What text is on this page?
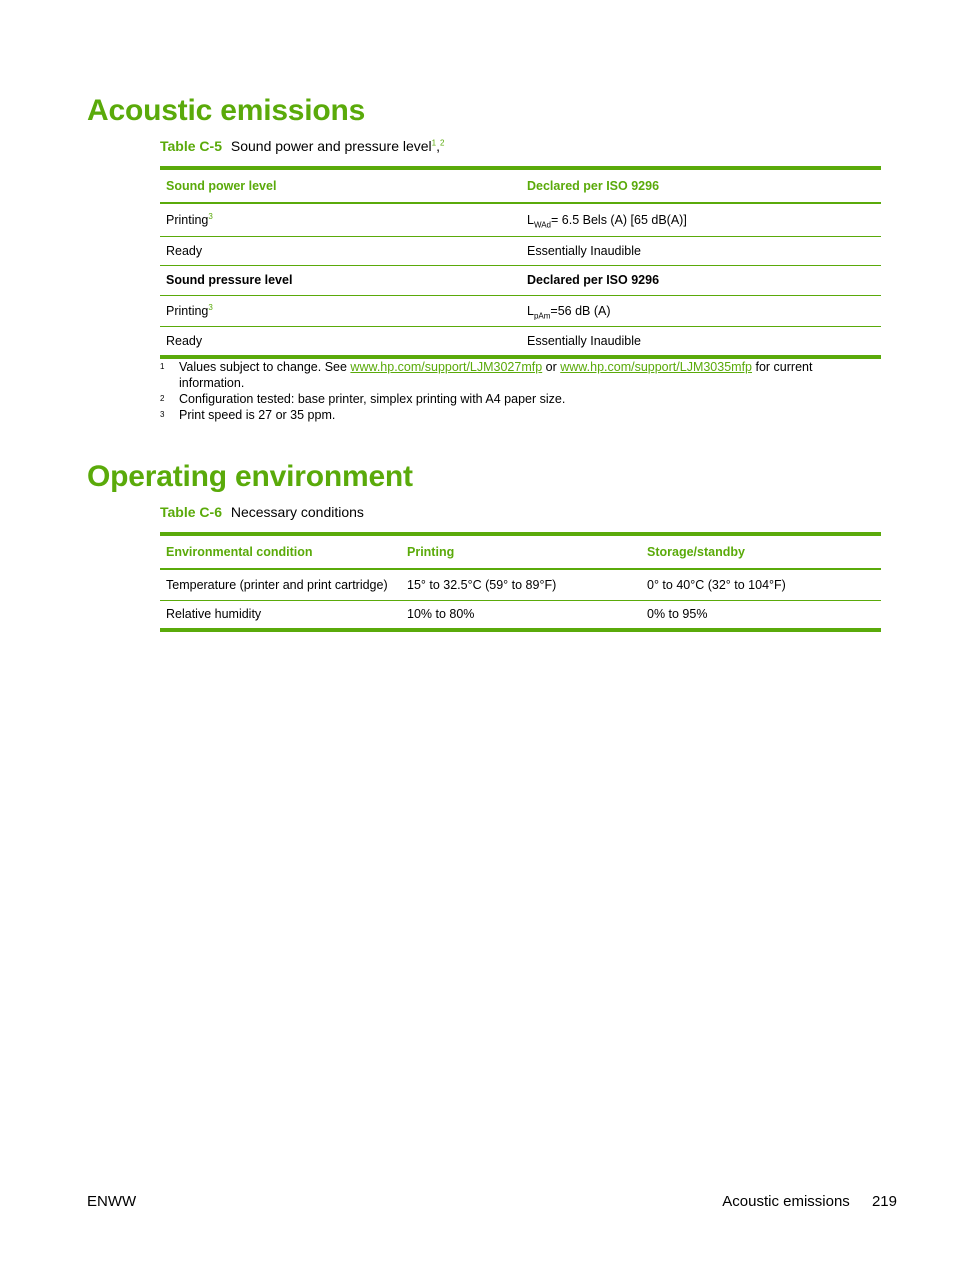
Acoustic emissions

Table C-5 Sound power and pressure level$^1$,$^2$

Sound power level	Declared per ISO 9296
Printing$^3$	$L_{WAd}= 6.5$ Bels (A) [65 dB(A)]
Ready	Essentially Inaudible
Sound pressure level	Declared per ISO 9296
Printing$^3$	$L_{pAm}=56$ dB (A)
Ready	Essentially Inaudible
1	Values subject to change. See www.hp.com/support/LJM3027mfp or www.hp.com/support/LJM3035mfp for current information.
2	Configuration tested: base printer, simplex printing with A4 paper size.
3	Print speed is 27 or 35 ppm.
Operating environment

Table C-6 Necessary conditions

Environmental condition	Printing	Storage/standby
Temperature (printer and print cartridge)	15° to 32.5°C (59° to 89°F)	0° to 40°C (32° to 104°F)
Relative humidity	10% to 80%	0% to 95%
ENWW	Acoustic emissions 219
